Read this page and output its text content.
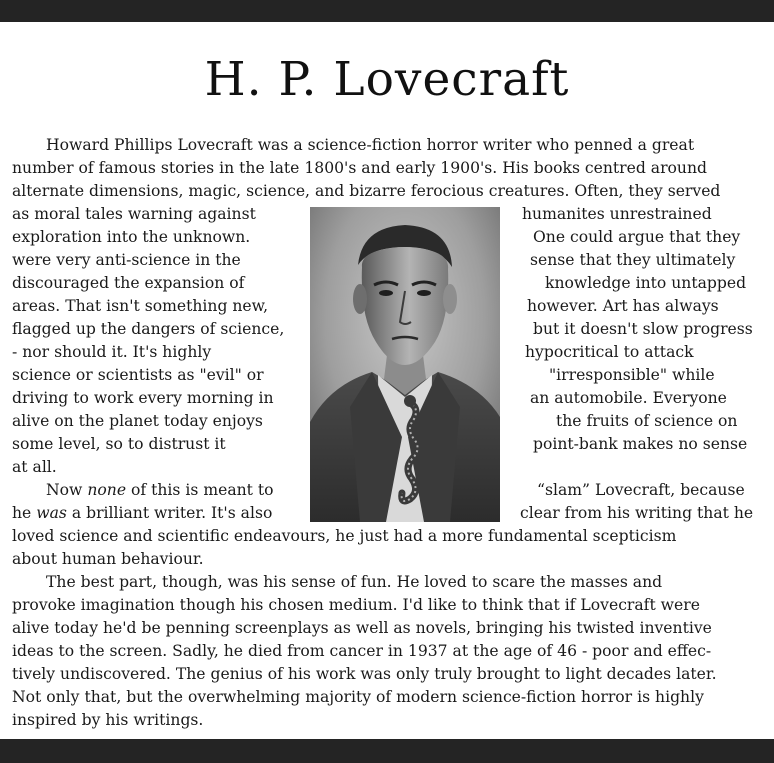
H. P. Lovecraft
Howard Phillips Lovecraft was a science-fiction horror writer who penned a great
number of famous stories in the late 1800's and early 1900's. His books centred around
alternate dimensions, magic, science, and bizarre ferocious creatures. Often, they served
as moral tales warning against
exploration into the unknown.
were very anti-science in the
discouraged the expansion of
areas. That isn't something new,
flagged up the dangers of science,
- nor should it. It's highly
science or scientists as "evil" or
driving to work every morning in
alive on the planet today enjoys
some level, so to distrust it
at all.
humanites unrestrained
One could argue that they
sense that they ultimately
knowledge into untapped
however. Art has always
but it doesn't slow progress
hypocritical to attack
"irresponsible" while
an automobile. Everyone
the fruits of science on
point-bank makes no sense
Now none of this is meant to	“slam” Lovecraft, because
he was a brilliant writer. It's also	clear from his writing that he
loved science and scientific endeavours, he just had a more fundamental scepticism
about human behaviour.
The best part, though, was his sense of fun. He loved to scare the masses and
provoke imagination though his chosen medium. I'd like to think that if Lovecraft were
alive today he'd be penning screenplays as well as novels, bringing his twisted inventive
ideas to the screen. Sadly, he died from cancer in 1937 at the age of 46 - poor and effec-
tively undiscovered. The genius of his work was only truly brought to light decades later.
Not only that, but the overwhelming majority of modern science-fiction horror is highly
inspired by his writings.
